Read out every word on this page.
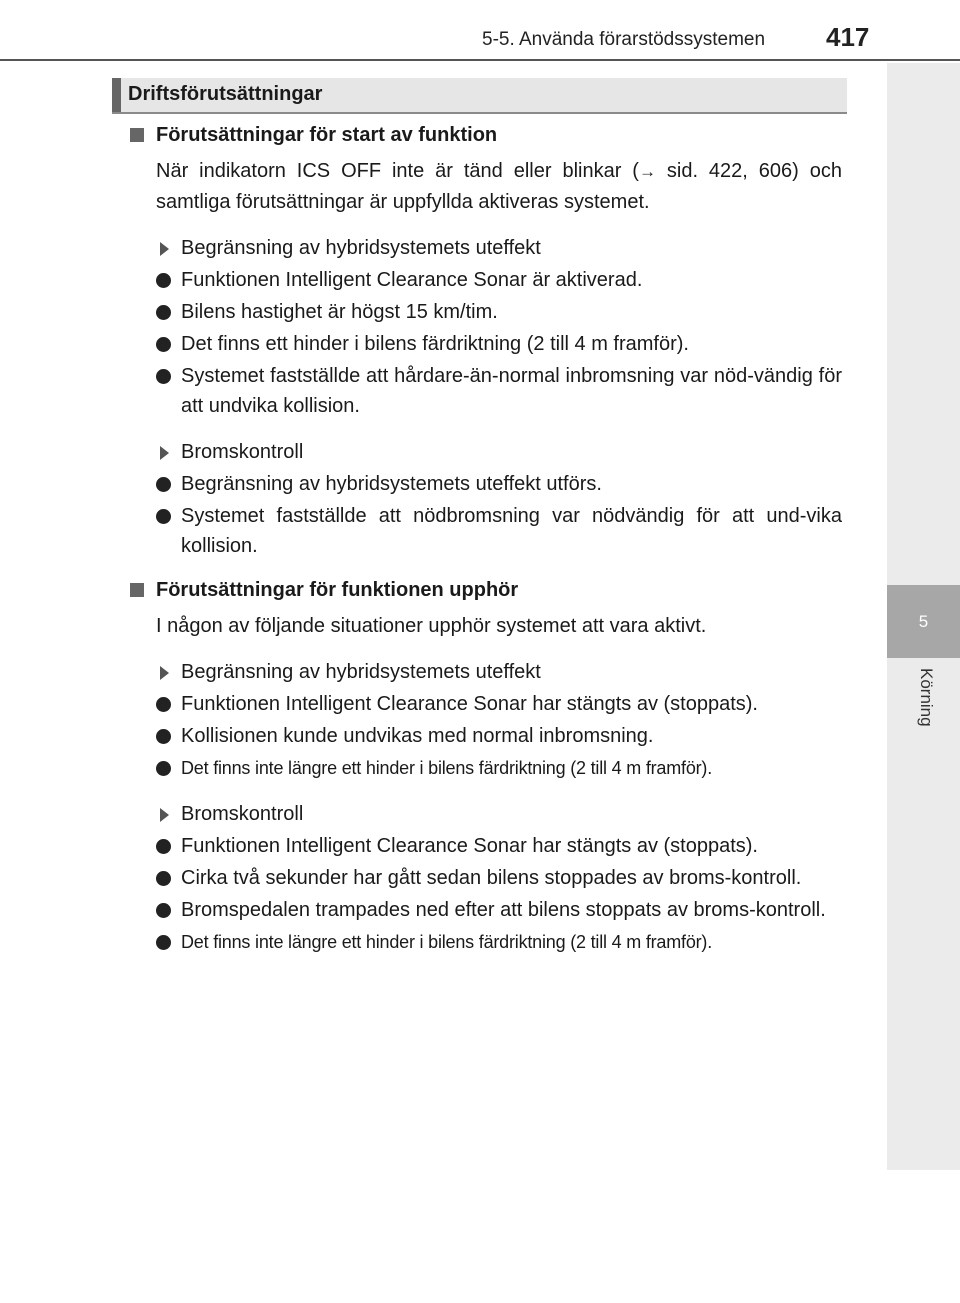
5-5. Använda förarstödssystemen	417
5
Körning
Driftsförutsättningar
Förutsättningar för start av funktion
När indikatorn ICS OFF inte är tänd eller blinkar (→ sid. 422, 606) och samtliga förutsättningar är uppfyllda aktiveras systemet.
Begränsning av hybridsystemets uteffekt
Funktionen Intelligent Clearance Sonar är aktiverad.
Bilens hastighet är högst 15 km/tim.
Det finns ett hinder i bilens färdriktning (2 till 4 m framför).
Systemet fastställde att hårdare-än-normal inbromsning var nöd-vändig för att undvika kollision.
Bromskontroll
Begränsning av hybridsystemets uteffekt utförs.
Systemet fastställde att nödbromsning var nödvändig för att und-vika kollision.
Förutsättningar för funktionen upphör
I någon av följande situationer upphör systemet att vara aktivt.
Begränsning av hybridsystemets uteffekt
Funktionen Intelligent Clearance Sonar har stängts av (stoppats).
Kollisionen kunde undvikas med normal inbromsning.
Det finns inte längre ett hinder i bilens färdriktning (2 till 4 m framför).
Bromskontroll
Funktionen Intelligent Clearance Sonar har stängts av (stoppats).
Cirka två sekunder har gått sedan bilens stoppades av broms-kontroll.
Bromspedalen trampades ned efter att bilens stoppats av broms-kontroll.
Det finns inte längre ett hinder i bilens färdriktning (2 till 4 m framför).
